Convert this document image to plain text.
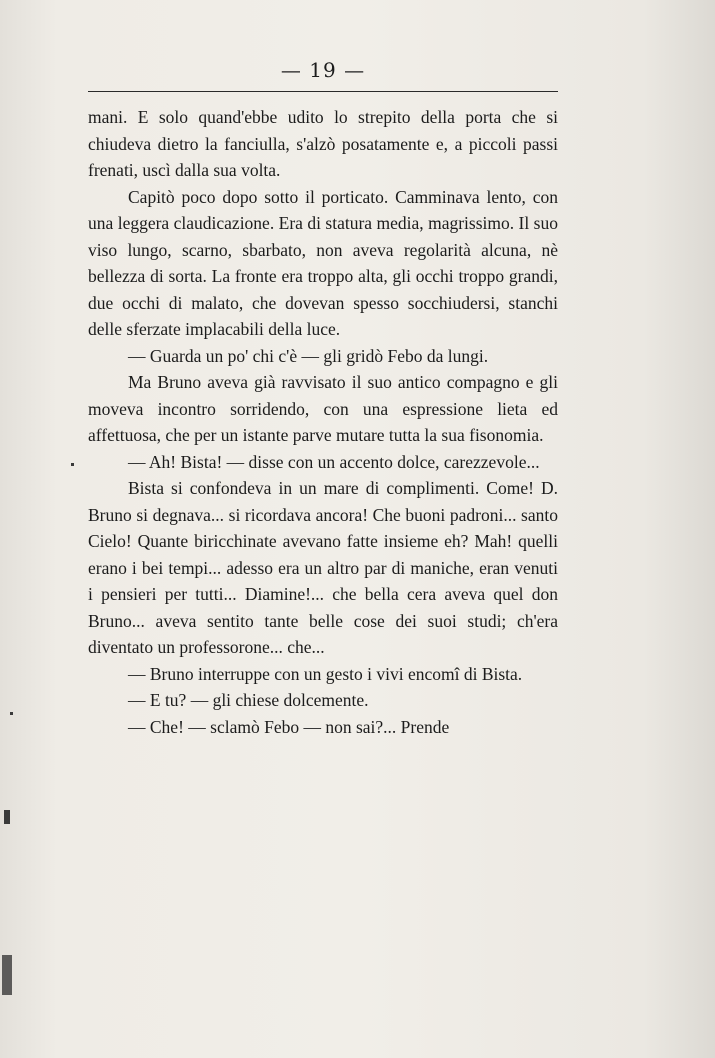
— 19 —

mani. E solo quand'ebbe udito lo strepito della porta che si chiudeva dietro la fanciulla, s'alzò posatamente e, a piccoli passi frenati, uscì dalla sua volta.

Capitò poco dopo sotto il porticato. Camminava lento, con una leggera claudicazione. Era di statura media, magrissimo. Il suo viso lungo, scarno, sbarbato, non aveva regolarità alcuna, nè bellezza di sorta. La fronte era troppo alta, gli occhi troppo grandi, due occhi di malato, che dovevan spesso socchiudersi, stanchi delle sferzate implacabili della luce.

— Guarda un po' chi c'è — gli gridò Febo da lungi.

Ma Bruno aveva già ravvisato il suo antico compagno e gli moveva incontro sorridendo, con una espressione lieta ed affettuosa, che per un istante parve mutare tutta la sua fisonomia.

— Ah! Bista! — disse con un accento dolce, carezzevole...

Bista si confondeva in un mare di complimenti. Come! D. Bruno si degnava... si ricordava ancora! Che buoni padroni... santo Cielo! Quante biricchinate avevano fatte insieme eh? Mah! quelli erano i bei tempi... adesso era un altro par di maniche, eran venuti i pensieri per tutti... Diamine!... che bella cera aveva quel don Bruno... aveva sentito tante belle cose dei suoi studi; ch'era diventato un professorone... che...

— Bruno interruppe con un gesto i vivi encomî di Bista.

— E tu? — gli chiese dolcemente.

— Che! — sclamò Febo — non sai?... Prende
